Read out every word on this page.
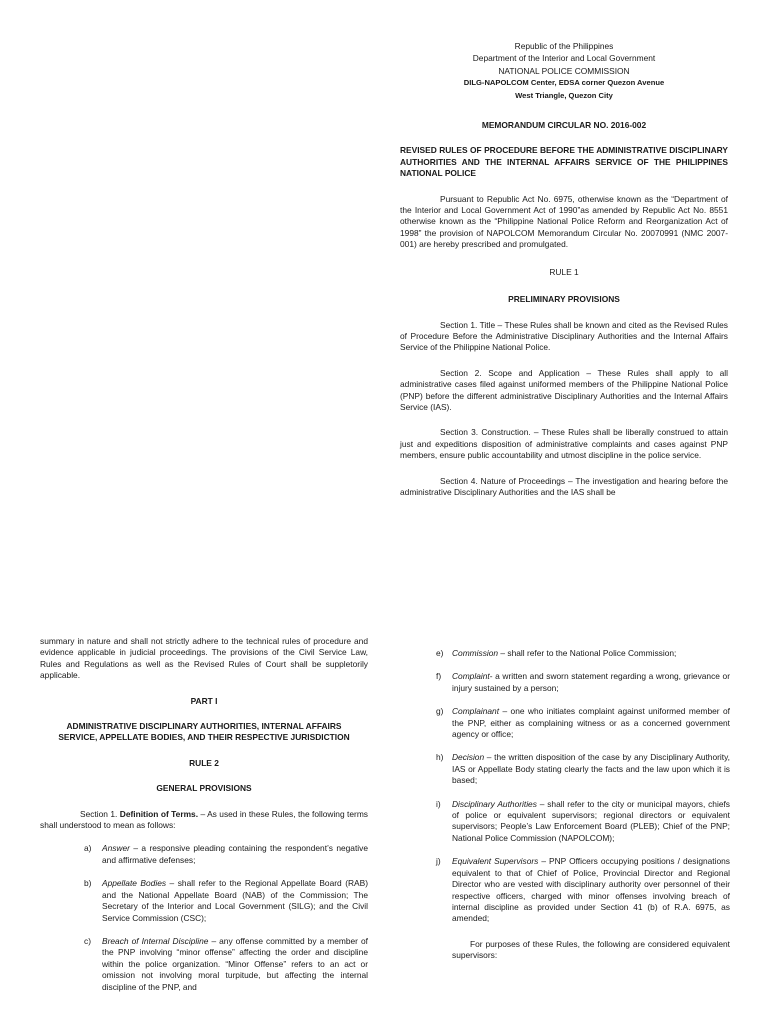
Republic of the Philippines
Department of the Interior and Local Government
NATIONAL POLICE COMMISSION
DILG-NAPOLCOM Center, EDSA corner Quezon Avenue
West Triangle, Quezon City
MEMORANDUM CIRCULAR NO. 2016-002
REVISED RULES OF PROCEDURE BEFORE THE ADMINISTRATIVE DISCIPLINARY AUTHORITIES AND THE INTERNAL AFFAIRS SERVICE OF THE PHILIPPINES NATIONAL POLICE
Pursuant to Republic Act No. 6975, otherwise known as the “Department of the Interior and Local Government Act of 1990”as amended by Republic Act No. 8551 otherwise known as the “Philippine National Police Reform and Reorganization Act of 1998” the provision of NAPOLCOM Memorandum Circular No. 20070991 (NMC 2007-001) are hereby prescribed and promulgated.
RULE 1
PRELIMINARY PROVISIONS
Section 1. Title – These Rules shall be known and cited as the Revised Rules of Procedure Before the Administrative Disciplinary Authorities and the Internal Affairs Service of the Philippine National Police.
Section 2. Scope and Application – These Rules shall apply to all administrative cases filed against uniformed members of the Philippine National Police (PNP) before the different administrative Disciplinary Authorities and the Internal Affairs Service (IAS).
Section 3. Construction. – These Rules shall be liberally construed to attain just and expeditions disposition of administrative complaints and cases against PNP members, ensure public accountability and utmost discipline in the police service.
Section 4. Nature of Proceedings – The investigation and hearing before the administrative Disciplinary Authorities and the IAS shall be
summary in nature and shall not strictly adhere to the technical rules of procedure and evidence applicable in judicial proceedings. The provisions of the Civil Service Law, Rules and Regulations as well as the Revised Rules of Court shall be suppletorily applicable.
PART I
ADMINISTRATIVE DISCIPLINARY AUTHORITIES, INTERNAL AFFAIRS SERVICE, APPELLATE BODIES, AND THEIR RESPECTIVE JURISDICTION
RULE 2
GENERAL PROVISIONS
Section 1. Definition of Terms. – As used in these Rules, the following terms shall understood to mean as follows:
a)	Answer – a responsive pleading containing the respondent’s negative and affirmative defenses;
b)	Appellate Bodies – shall refer to the Regional Appellate Board (RAB) and the National Appellate Board (NAB) of the Commission; The Secretary of the Interior and Local Government (SILG); and the Civil Service Commission (CSC);
c)	Breach of Internal Discipline – any offense committed by a member of the PNP involving “minor offense” affecting the order and discipline within the police organization. “Minor Offense” refers to an act or omission not involving moral turpitude, but affecting the internal discipline of the PNP, and
e)	Commission – shall refer to the National Police Commission;
f)	Complaint- a written and sworn statement regarding a wrong, grievance or injury sustained by a person;
g)	Complainant – one who initiates complaint against uniformed member of the PNP, either as complaining witness or as a concerned government agency or office;
h)	Decision – the written disposition of the case by any Disciplinary Authority, IAS or Appellate Body stating clearly the facts and the law upon which it is based;
i)	Disciplinary Authorities – shall refer to the city or municipal mayors, chiefs of police or equivalent supervisors; regional directors or equivalent supervisors; People’s Law Enforcement Board (PLEB); Chief of the PNP; National Police Commission (NAPOLCOM);
j)	Equivalent Supervisors – PNP Officers occupying positions / designations equivalent to that of Chief of Police, Provincial Director and Regional Director who are vested with disciplinary authority over personnel of their respective officers, charged with minor offenses involving breach of internal discipline as provided under Section 41 (b) of R.A. 6975, as amended;
For purposes of these Rules, the following are considered equivalent supervisors:
